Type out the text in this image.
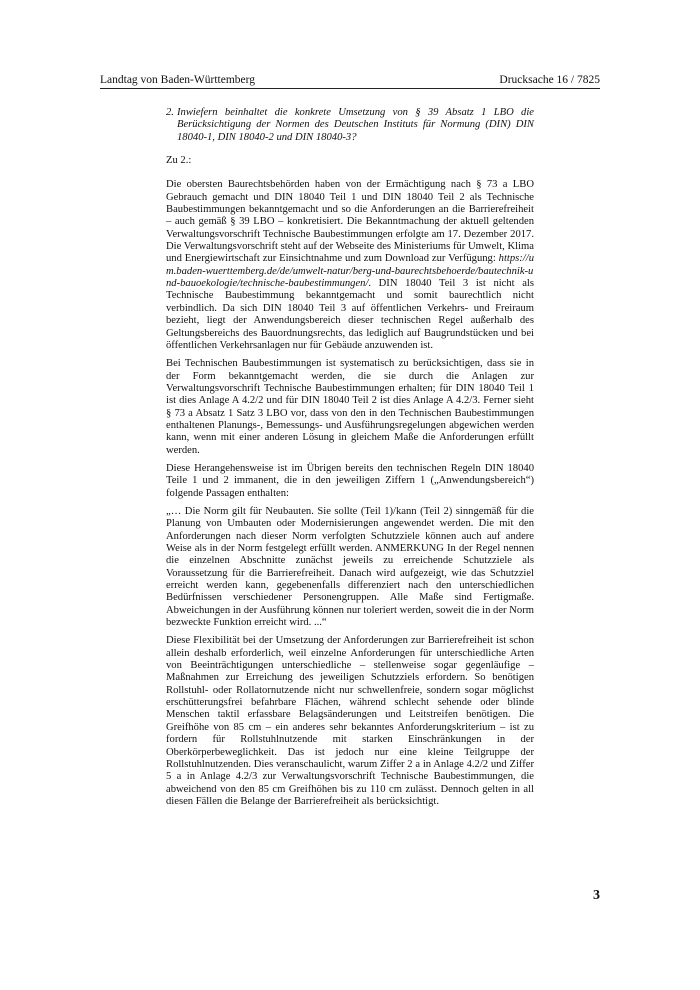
Landtag von Baden-Württemberg	Drucksache 16 / 7825
2. Inwiefern beinhaltet die konkrete Umsetzung von § 39 Absatz 1 LBO die Berücksichtigung der Normen des Deutschen Instituts für Normung (DIN) DIN 18040-1, DIN 18040-2 und DIN 18040-3?

Zu 2.:

Die obersten Baurechtsbehörden haben von der Ermächtigung nach § 73 a LBO Gebrauch gemacht und DIN 18040 Teil 1 und DIN 18040 Teil 2 als Technische Baubestimmungen bekanntgemacht und so die Anforderungen an die Barrierefreiheit – auch gemäß § 39 LBO – konkretisiert. Die Bekanntmachung der aktuell geltenden Verwaltungsvorschrift Technische Baubestimmungen erfolgte am 17. Dezember 2017. Die Verwaltungsvorschrift steht auf der Webseite des Ministeriums für Umwelt, Klima und Energiewirtschaft zur Einsichtnahme und zum Download zur Verfügung: https://um.baden-wuerttemberg.de/de/umwelt-natur/berg-und-baurechtsbehoerde/bautechnik-und-bauoekologie/technische-baubestimmungen/. DIN 18040 Teil 3 ist nicht als Technische Baubestimmung bekanntgemacht und somit baurechtlich nicht verbindlich. Da sich DIN 18040 Teil 3 auf öffentlichen Verkehrs- und Freiraum bezieht, liegt der Anwendungsbereich dieser technischen Regel außerhalb des Geltungsbereichs des Bauordnungsrechts, das lediglich auf Baugrundstücken und bei öffentlichen Verkehrsanlagen nur für Gebäude anzuwenden ist.

Bei Technischen Baubestimmungen ist systematisch zu berücksichtigen, dass sie in der Form bekanntgemacht werden, die sie durch die Anlagen zur Verwaltungsvorschrift Technische Baubestimmungen erhalten; für DIN 18040 Teil 1 ist dies Anlage A 4.2/2 und für DIN 18040 Teil 2 ist dies Anlage A 4.2/3. Ferner sieht § 73 a Absatz 1 Satz 3 LBO vor, dass von den in den Technischen Baubestimmungen enthaltenen Planungs-, Bemessungs- und Ausführungsregelungen abgewichen werden kann, wenn mit einer anderen Lösung in gleichem Maße die Anforderungen erfüllt werden.

Diese Herangehensweise ist im Übrigen bereits den technischen Regeln DIN 18040 Teile 1 und 2 immanent, die in den jeweiligen Ziffern 1 („Anwendungsbereich“) folgende Passagen enthalten:

„… Die Norm gilt für Neubauten. Sie sollte (Teil 1)/kann (Teil 2) sinngemäß für die Planung von Umbauten oder Modernisierungen angewendet werden. Die mit den Anforderungen nach dieser Norm verfolgten Schutzziele können auch auf andere Weise als in der Norm festgelegt erfüllt werden. ANMERKUNG In der Regel nennen die einzelnen Abschnitte zunächst jeweils zu erreichende Schutzziele als Voraussetzung für die Barrierefreiheit. Danach wird aufgezeigt, wie das Schutzziel erreicht werden kann, gegebenenfalls differenziert nach den unterschiedlichen Bedürfnissen verschiedener Personengruppen. Alle Maße sind Fertigmaße. Abweichungen in der Ausführung können nur toleriert werden, soweit die in der Norm bezweckte Funktion erreicht wird. ...“

Diese Flexibilität bei der Umsetzung der Anforderungen zur Barrierefreiheit ist schon allein deshalb erforderlich, weil einzelne Anforderungen für unterschiedliche Arten von Beeinträchtigungen unterschiedliche – stellenweise sogar gegenläufige – Maßnahmen zur Erreichung des jeweiligen Schutzziels erfordern. So benötigen Rollstuhl- oder Rollatornutzende nicht nur schwellenfreie, sondern sogar möglichst erschütterungsfrei befahrbare Flächen, während schlecht sehende oder blinde Menschen taktil erfassbare Belagsänderungen und Leitstreifen benötigen. Die Greifhöhe von 85 cm – ein anderes sehr bekanntes Anforderungskriterium – ist zu fordern für Rollstuhlnutzende mit starken Einschränkungen in der Oberkörperbeweglichkeit. Das ist jedoch nur eine kleine Teilgruppe der Rollstuhlnutzenden. Dies veranschaulicht, warum Ziffer 2 a in Anlage 4.2/2 und Ziffer 5 a in Anlage 4.2/3 zur Verwaltungsvorschrift Technische Baubestimmungen, die abweichend von den 85 cm Greifhöhen bis zu 110 cm zulässt. Dennoch gelten in all diesen Fällen die Belange der Barrierefreiheit als berücksichtigt.

3
